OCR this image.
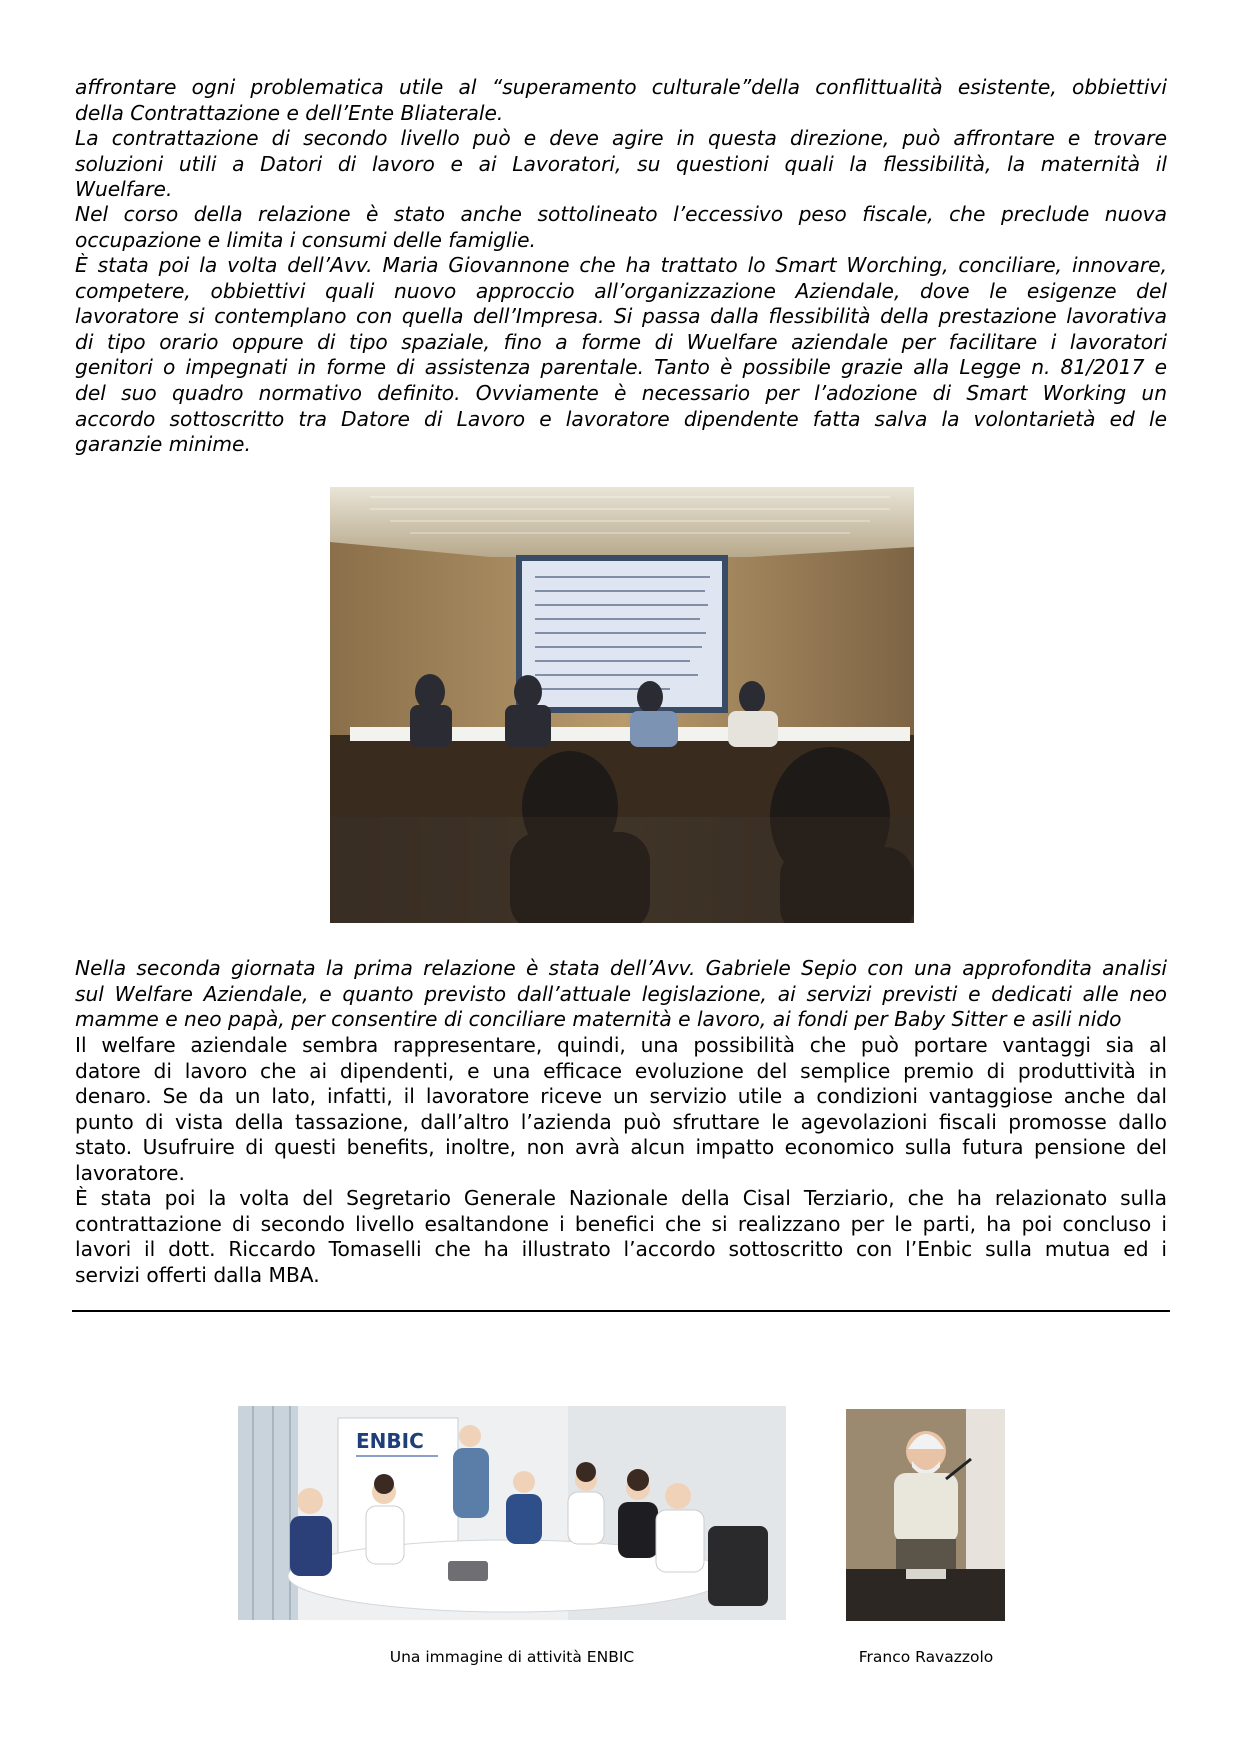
affrontare ogni problematica utile al “superamento culturale”della conflittualità esistente, obbiettivi
della Contrattazione e dell’Ente Bliaterale.
La contrattazione di secondo livello può e deve agire in questa direzione, può affrontare e trovare
soluzioni utili a Datori di lavoro e ai Lavoratori, su questioni quali la flessibilità, la maternità il
Wuelfare.
Nel corso della relazione è stato anche sottolineato l’eccessivo peso fiscale, che preclude nuova
occupazione e limita i consumi delle famiglie.
È stata poi la volta dell’Avv. Maria Giovannone che ha trattato lo Smart Worching, conciliare, innovare,
competere, obbiettivi quali nuovo approccio all’organizzazione Aziendale, dove le esigenze del
lavoratore si contemplano con quella dell’Impresa. Si passa dalla flessibilità della prestazione lavorativa
di tipo orario oppure di tipo spaziale, fino a forme di Wuelfare aziendale per facilitare i lavoratori
genitori o impegnati in forme di assistenza parentale. Tanto è possibile grazie alla Legge n. 81/2017 e
del suo quadro normativo definito. Ovviamente è necessario per l’adozione di Smart Working un
accordo sottoscritto tra Datore di Lavoro e lavoratore dipendente fatta salva la volontarietà ed le
garanzie minime.
Nella seconda giornata la prima relazione è stata dell’Avv. Gabriele Sepio con una approfondita analisi
sul Welfare Aziendale, e quanto previsto dall’attuale legislazione, ai servizi previsti e dedicati alle neo
mamme e neo papà, per consentire di conciliare maternità e lavoro, ai fondi per Baby Sitter e asili nido
Il welfare aziendale sembra rappresentare, quindi, una possibilità che può portare vantaggi sia al
datore di lavoro che ai dipendenti, e una efficace evoluzione del semplice premio di produttività in
denaro. Se da un lato, infatti, il lavoratore riceve un servizio utile a condizioni vantaggiose anche dal
punto di vista della tassazione, dall’altro l’azienda può sfruttare le agevolazioni fiscali promosse dallo
stato. Usufruire di questi benefits, inoltre, non avrà alcun impatto economico sulla futura pensione del
lavoratore.
È stata poi la volta del Segretario Generale Nazionale della Cisal Terziario, che ha relazionato sulla
contrattazione di secondo livello esaltandone i benefici che si realizzano per le parti, ha poi concluso i
lavori il dott. Riccardo Tomaselli che ha illustrato l’accordo sottoscritto con l’Enbic sulla mutua ed i
servizi offerti dalla MBA.
ENBIC

Una immagine di attività ENBIC	Franco Ravazzolo
